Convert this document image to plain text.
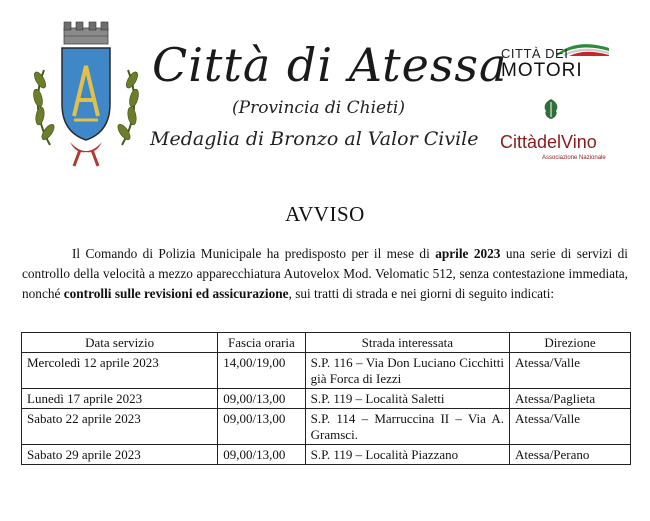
Città di Atessa
(Provincia di Chieti)
Medaglia di Bronzo al Valor Civile
CITTÀ DEI
MOTORI
CittàdelVino
Associazione Nazionale
AVVISO

Il Comando di Polizia Municipale ha predisposto per il mese di aprile 2023 una serie di servizi di controllo della velocità a mezzo apparecchiatura Autovelox Mod. Velomatic 512, senza contestazione immediata, nonché controlli sulle revisioni ed assicurazione, sui tratti di strada e nei giorni di seguito indicati:

Data servizio	Fascia oraria	Strada interessata	Direzione
Mercoledì 12 aprile 2023	14,00/19,00	S.P. 116 – Via Don Luciano Cicchitti già Forca di Iezzi	Atessa/Valle
Lunedì 17 aprile 2023	09,00/13,00	S.P. 119 – Località Saletti	Atessa/Paglieta
Sabato 22 aprile 2023	09,00/13,00	S.P. 114 – Marruccina II – Via A. Gramsci.	Atessa/Valle
Sabato 29 aprile 2023	09,00/13,00	S.P. 119 – Località Piazzano	Atessa/Perano
